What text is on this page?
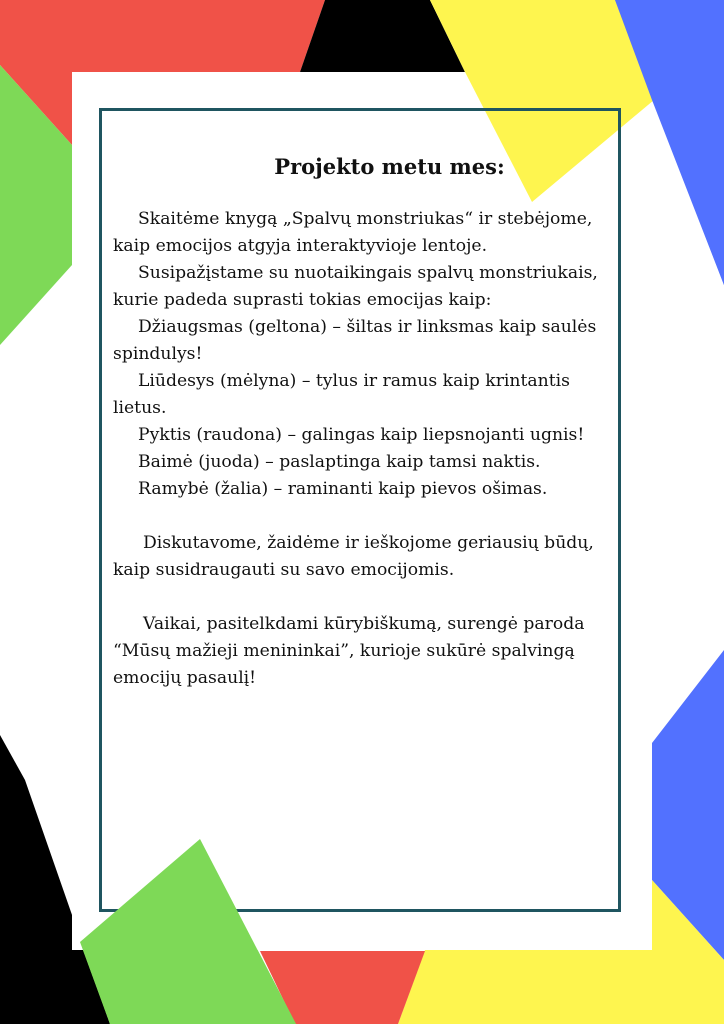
Projekto metu mes:

Skaitėme knygą „Spalvų monstriukas“ ir stebėjome, kaip emocijos atgyja interaktyvioje lentoje.

Susipažįstame su nuotaikingais spalvų monstriukais, kurie padeda suprasti tokias emocijas kaip:

Džiaugsmas (geltona) – šiltas ir linksmas kaip saulės spindulys!

Liūdesys (mėlyna) – tylus ir ramus kaip krintantis lietus.

Pyktis (raudona) – galingas kaip liepsnojanti ugnis!

Baimė (juoda) – paslaptinga kaip tamsi naktis.

Ramybė (žalia) – raminanti kaip pievos ošimas.

Diskutavome, žaidėme ir ieškojome geriausių būdų, kaip susidraugauti su savo emocijomis.

Vaikai, pasitelkdami kūrybiškumą, surengė paroda “Mūsų mažieji menininkai”, kurioje sukūrė spalvingą emocijų pasaulį!
